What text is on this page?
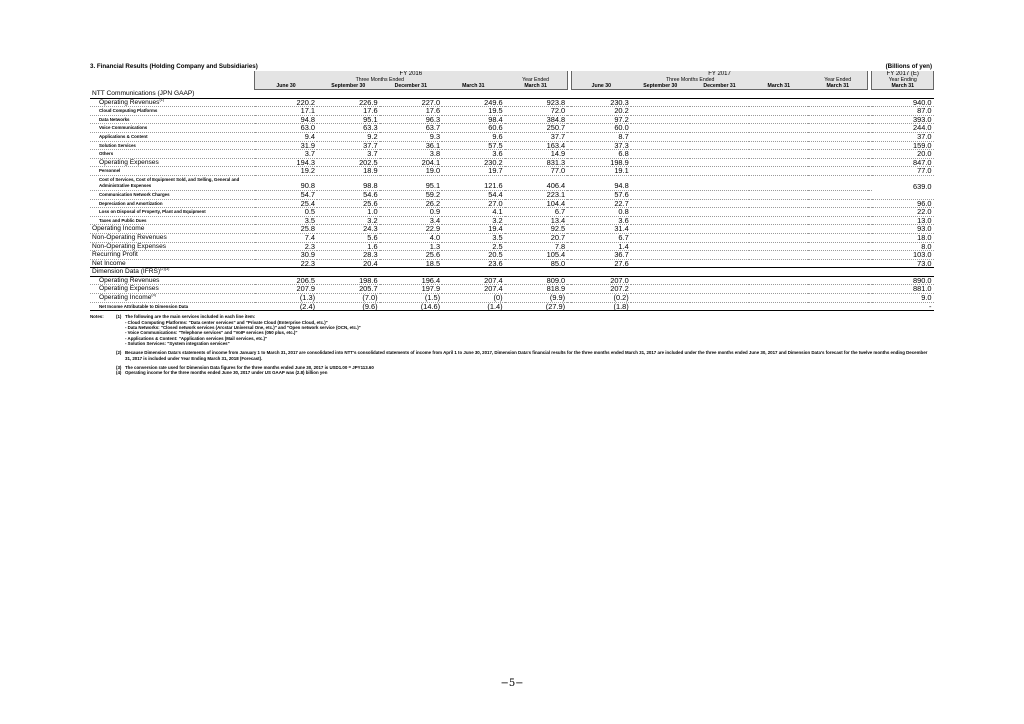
3. Financial Results (Holding Company and Subsidiaries)	(Billions of yen)
	FY 2016						FY 2017						FY 2017 (E)
	Three Months Ended				Year Ended		Three Months Ended				Year Ended		Year Ending
	June 30	September 30	December 31	March 31	March 31		June 30	September 30	December 31	March 31	March 31		March 31
NTT Communications (JPN GAAP)													
Operating Revenues$^{(1)}$	220.2	226.9	227.0	249.6	923.8		230.3						940.0
Cloud Computing Platforms	17.1	17.6	17.6	19.5	72.0		20.2						87.0
Data Networks	94.8	95.1	96.3	98.4	384.8		97.2						393.0
Voice Communications	63.0	63.3	63.7	60.6	250.7		60.0						244.0
Applications & Content	9.4	9.2	9.3	9.6	37.7		8.7						37.0
Solution Services	31.9	37.7	36.1	57.5	163.4		37.3						159.0
Others	3.7	3.7	3.8	3.6	14.9		6.8						20.0
Operating Expenses	194.3	202.5	204.1	230.2	831.3		198.9						847.0
Personnel	19.2	18.9	19.0	19.7	77.0		19.1						77.0
Cost of Services, Cost of Equipment Sold, and Selling, General and Administrative Expenses	90.8	98.8	95.1	121.6	406.4		94.8						639.0
Communication Network Charges	54.7	54.6	59.2	54.4	223.1		57.6						
Depreciation and Amortization	25.4	25.6	26.2	27.0	104.4		22.7						96.0
Loss on Disposal of Property, Plant and Equipment	0.5	1.0	0.9	4.1	6.7		0.8						22.0
Taxes and Public Dues	3.5	3.2	3.4	3.2	13.4		3.6						13.0
Operating Income	25.8	24.3	22.9	19.4	92.5		31.4						93.0
Non-Operating Revenues	7.4	5.6	4.0	3.5	20.7		6.7						18.0
Non-Operating Expenses	2.3	1.6	1.3	2.5	7.8		1.4						8.0
Recurring Profit	30.9	28.3	25.6	20.5	105.4		36.7						103.0
Net Income	22.3	20.4	18.5	23.6	85.0		27.6						73.0
Dimension Data (IFRS)$^{(2)(3)}$													
Operating Revenues	206.5	198.6	196.4	207.4	809.0		207.0						890.0
Operating Expenses	207.9	205.7	197.9	207.4	818.9		207.2						881.0
Operating Income$^{(4)}$	(1.3)	(7.0)	(1.5)	(0)	(9.9)		(0.2)						9.0
Net Income Attributable to Dimension Data	(2.4)	(9.6)	(14.6)	(1.4)	(27.9)		(1.8)						-
Notes:	(1) The following are the main services included in each line item:
- Cloud Computing Platforms: "Data center services" and "Private Cloud (Enterprise Cloud, etc.)"
- Data Networks: "Closed network services (Arcstar Universal One, etc.)" and "Open network service (OCN, etc.)"
- Voice Communications: "Telephone services" and "VoIP services (050 plus, etc.)"
- Applications & Content: "Application services (Mail services, etc.)"
- Solution Services: "System integration services"
(2) Because Dimension Data's statements of income from January 1 to March 31, 2017 are consolidated into NTT's consolidated statements of income from April 1 to June 30, 2017, Dimension Data's financial results for the three months ended March 31, 2017 are included under the three months ended June 30, 2017 and Dimension Data's forecast for the twelve months ending December 31, 2017 is included under Year Ending March 31, 2018 (Forecast).
(3) The conversion rate used for Dimension Data figures for the three months ended June 30, 2017 is USD1.00 = JPY113.60
(4) Operating income for the three months ended June 30, 2017 under US GAAP was (2.8) billion yen
−5−
